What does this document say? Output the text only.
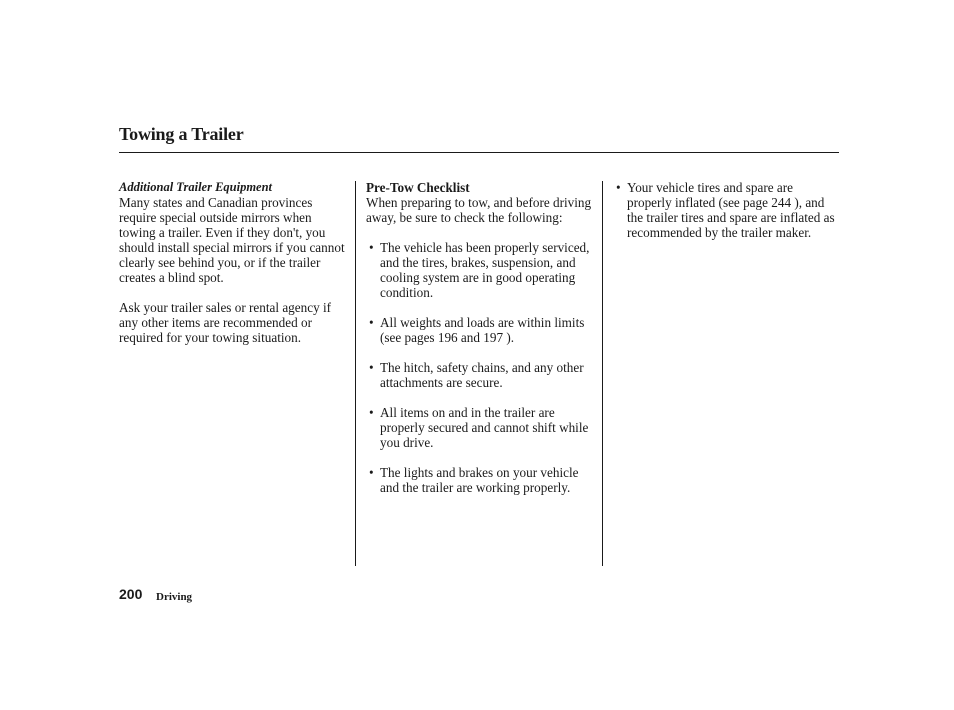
Towing a Trailer

Additional Trailer Equipment

Many states and Canadian provinces require special outside mirrors when towing a trailer. Even if they don't, you should install special mirrors if you cannot clearly see behind you, or if the trailer creates a blind spot.

Ask your trailer sales or rental agency if any other items are recommended or required for your towing situation.

Pre-Tow Checklist

When preparing to tow, and before driving away, be sure to check the following:

• The vehicle has been properly serviced, and the tires, brakes, suspension, and cooling system are in good operating condition.
• All weights and loads are within limits (see pages 196 and 197 ).
• The hitch, safety chains, and any other attachments are secure.
• All items on and in the trailer are properly secured and cannot shift while you drive.
• The lights and brakes on your vehicle and the trailer are working properly.
• Your vehicle tires and spare are properly inflated (see page 244 ), and the trailer tires and spare are inflated as recommended by the trailer maker.
200 Driving
